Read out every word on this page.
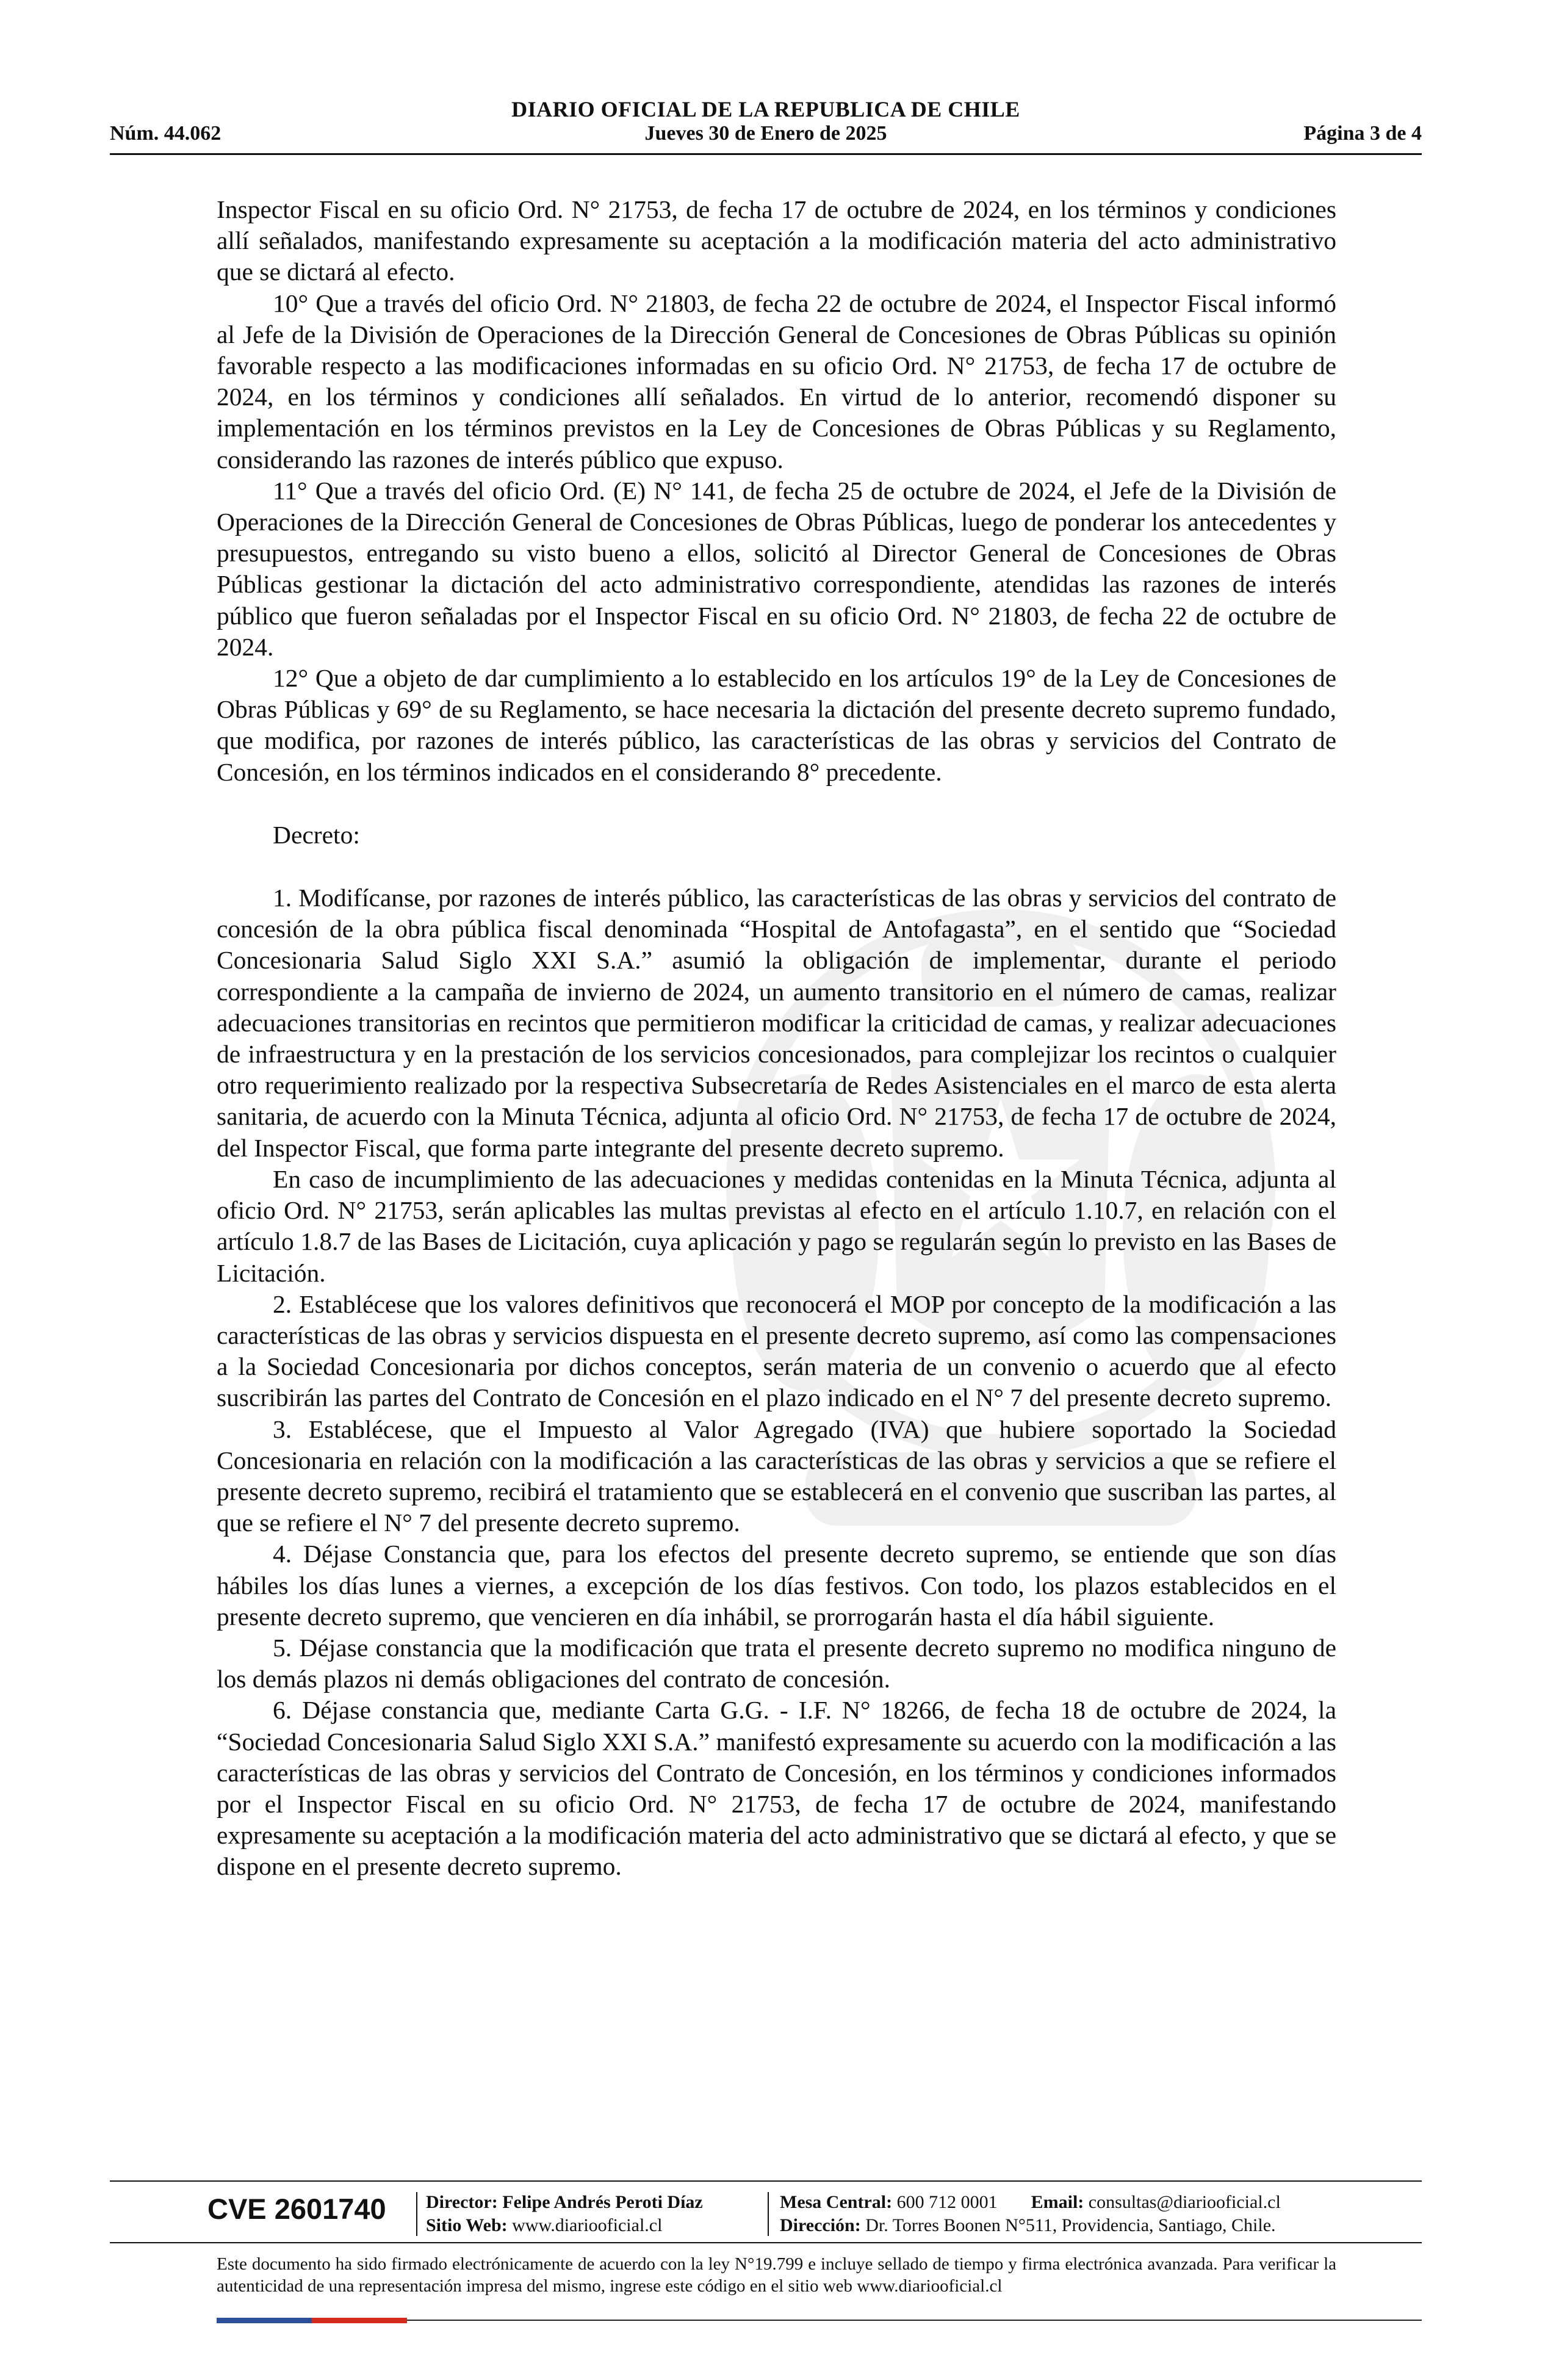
DIARIO OFICIAL DE LA REPUBLICA DE CHILE
Núm. 44.062	Jueves 30 de Enero de 2025	Página 3 de 4

Inspector Fiscal en su oficio Ord. N° 21753, de fecha 17 de octubre de 2024, en los términos y condiciones allí señalados, manifestando expresamente su aceptación a la modificación materia del acto administrativo que se dictará al efecto.

10° Que a través del oficio Ord. N° 21803, de fecha 22 de octubre de 2024, el Inspector Fiscal informó al Jefe de la División de Operaciones de la Dirección General de Concesiones de Obras Públicas su opinión favorable respecto a las modificaciones informadas en su oficio Ord. N° 21753, de fecha 17 de octubre de 2024, en los términos y condiciones allí señalados. En virtud de lo anterior, recomendó disponer su implementación en los términos previstos en la Ley de Concesiones de Obras Públicas y su Reglamento, considerando las razones de interés público que expuso.

11° Que a través del oficio Ord. (E) N° 141, de fecha 25 de octubre de 2024, el Jefe de la División de Operaciones de la Dirección General de Concesiones de Obras Públicas, luego de ponderar los antecedentes y presupuestos, entregando su visto bueno a ellos, solicitó al Director General de Concesiones de Obras Públicas gestionar la dictación del acto administrativo correspondiente, atendidas las razones de interés público que fueron señaladas por el Inspector Fiscal en su oficio Ord. N° 21803, de fecha 22 de octubre de 2024.

12° Que a objeto de dar cumplimiento a lo establecido en los artículos 19° de la Ley de Concesiones de Obras Públicas y 69° de su Reglamento, se hace necesaria la dictación del presente decreto supremo fundado, que modifica, por razones de interés público, las características de las obras y servicios del Contrato de Concesión, en los términos indicados en el considerando 8° precedente.

Decreto:

1. Modifícanse, por razones de interés público, las características de las obras y servicios del contrato de concesión de la obra pública fiscal denominada “Hospital de Antofagasta”, en el sentido que “Sociedad Concesionaria Salud Siglo XXI S.A.” asumió la obligación de implementar, durante el periodo correspondiente a la campaña de invierno de 2024, un aumento transitorio en el número de camas, realizar adecuaciones transitorias en recintos que permitieron modificar la criticidad de camas, y realizar adecuaciones de infraestructura y en la prestación de los servicios concesionados, para complejizar los recintos o cualquier otro requerimiento realizado por la respectiva Subsecretaría de Redes Asistenciales en el marco de esta alerta sanitaria, de acuerdo con la Minuta Técnica, adjunta al oficio Ord. N° 21753, de fecha 17 de octubre de 2024, del Inspector Fiscal, que forma parte integrante del presente decreto supremo.

En caso de incumplimiento de las adecuaciones y medidas contenidas en la Minuta Técnica, adjunta al oficio Ord. N° 21753, serán aplicables las multas previstas al efecto en el artículo 1.10.7, en relación con el artículo 1.8.7 de las Bases de Licitación, cuya aplicación y pago se regularán según lo previsto en las Bases de Licitación.

2. Establécese que los valores definitivos que reconocerá el MOP por concepto de la modificación a las características de las obras y servicios dispuesta en el presente decreto supremo, así como las compensaciones a la Sociedad Concesionaria por dichos conceptos, serán materia de un convenio o acuerdo que al efecto suscribirán las partes del Contrato de Concesión en el plazo indicado en el N° 7 del presente decreto supremo.

3. Establécese, que el Impuesto al Valor Agregado (IVA) que hubiere soportado la Sociedad Concesionaria en relación con la modificación a las características de las obras y servicios a que se refiere el presente decreto supremo, recibirá el tratamiento que se establecerá en el convenio que suscriban las partes, al que se refiere el N° 7 del presente decreto supremo.

4. Déjase Constancia que, para los efectos del presente decreto supremo, se entiende que son días hábiles los días lunes a viernes, a excepción de los días festivos. Con todo, los plazos establecidos en el presente decreto supremo, que vencieren en día inhábil, se prorrogarán hasta el día hábil siguiente.

5. Déjase constancia que la modificación que trata el presente decreto supremo no modifica ninguno de los demás plazos ni demás obligaciones del contrato de concesión.

6. Déjase constancia que, mediante Carta G.G. - I.F. N° 18266, de fecha 18 de octubre de 2024, la “Sociedad Concesionaria Salud Siglo XXI S.A.” manifestó expresamente su acuerdo con la modificación a las características de las obras y servicios del Contrato de Concesión, en los términos y condiciones informados por el Inspector Fiscal en su oficio Ord. N° 21753, de fecha 17 de octubre de 2024, manifestando expresamente su aceptación a la modificación materia del acto administrativo que se dictará al efecto, y que se dispone en el presente decreto supremo.

CVE 2601740 Director: Felipe Andrés Peroti Díaz
Sitio Web: www.diariooficial.cl
Mesa Central: 600 712 0001 Email: consultas@diariooficial.cl
Dirección: Dr. Torres Boonen N°511, Providencia, Santiago, Chile.
Este documento ha sido firmado electrónicamente de acuerdo con la ley N°19.799 e incluye sellado de tiempo y firma electrónica avanzada. Para verificar la autenticidad de una representación impresa del mismo, ingrese este código en el sitio web www.diariooficial.cl
